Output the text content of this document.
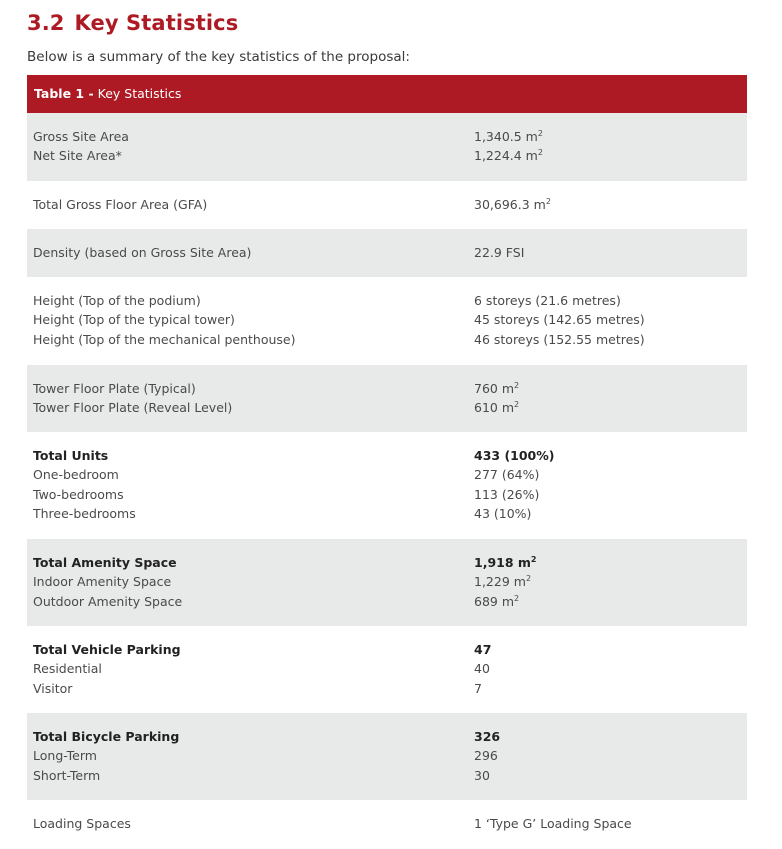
3.2 Key Statistics

Below is a summary of the key statistics of the proposal:

Table 1 - Key Statistics
Gross Site Area	1,340.5 $m^2$
Net Site Area*	1,224.4 $m^2$
Total Gross Floor Area (GFA)	30,696.3 $m^2$
Density (based on Gross Site Area)	22.9 FSI
Height (Top of the podium)	6 storeys (21.6 metres)
Height (Top of the typical tower)	45 storeys (142.65 metres)
Height (Top of the mechanical penthouse)	46 storeys (152.55 metres)
Tower Floor Plate (Typical)	760 $m^2$
Tower Floor Plate (Reveal Level)	610 $m^2$
Total Units	433 (100%)
One-bedroom	277 (64%)
Two-bedrooms	113 (26%)
Three-bedrooms	43 (10%)
Total Amenity Space	1,918 $m^2$
Indoor Amenity Space	1,229 $m^2$
Outdoor Amenity Space	689 $m^2$
Total Vehicle Parking	47
Residential	40
Visitor	7
Total Bicycle Parking	326
Long-Term	296
Short-Term	30
Loading Spaces	1 ‘Type G’ Loading Space
